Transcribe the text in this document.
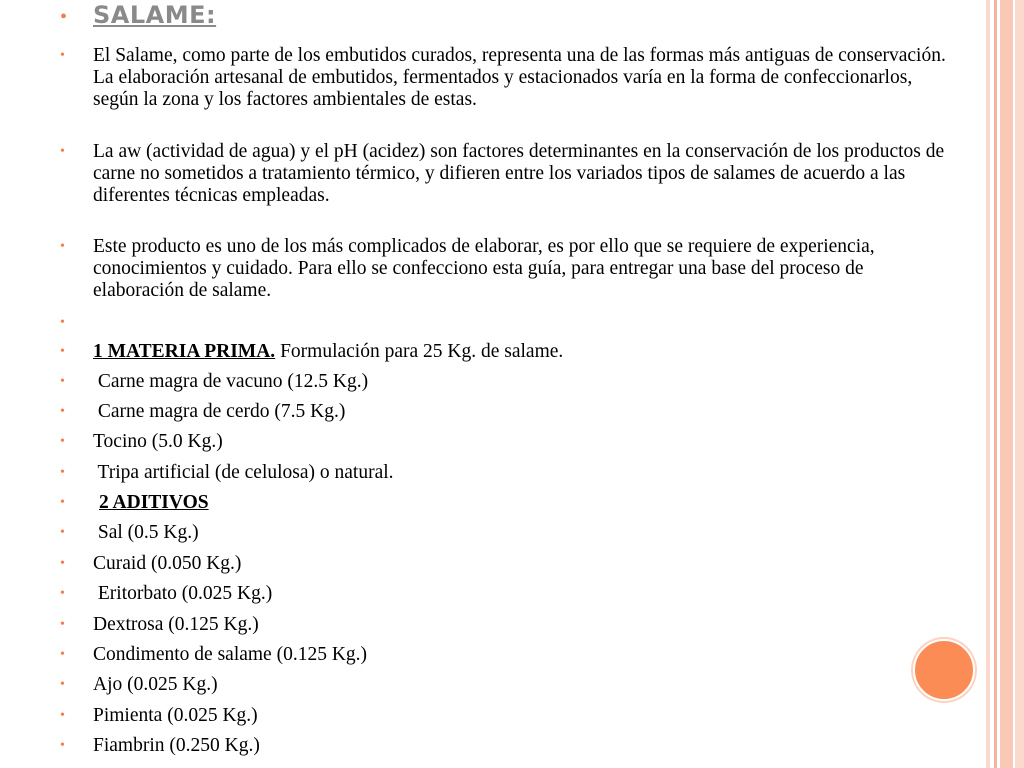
• SALAME:
• El Salame, como parte de los embutidos curados, representa una de las formas más antiguas de conservación. La elaboración artesanal de embutidos, fermentados y estacionados varía en la forma de confeccionarlos, según la zona y los factores ambientales de estas.
• La aw (actividad de agua) y el pH (acidez) son factores determinantes en la conservación de los productos de carne no sometidos a tratamiento térmico, y difieren entre los variados tipos de salames de acuerdo a las diferentes técnicas empleadas.
• Este producto es uno de los más complicados de elaborar, es por ello que se requiere de experiencia, conocimientos y cuidado. Para ello se confecciono esta guía, para entregar una base del proceso de elaboración de salame.
•
• 1 MATERIA PRIMA. Formulación para 25 Kg. de salame.
• Carne magra de vacuno (12.5 Kg.)
• Carne magra de cerdo (7.5 Kg.)
• Tocino (5.0 Kg.)
• Tripa artificial (de celulosa) o natural.
•	2 ADITIVOS
• Sal (0.5 Kg.)
• Curaid (0.050 Kg.)
• Eritorbato (0.025 Kg.)
• Dextrosa (0.125 Kg.)
• Condimento de salame (0.125 Kg.)
• Ajo (0.025 Kg.)
• Pimienta (0.025 Kg.)
• Fiambrin (0.250 Kg.)
